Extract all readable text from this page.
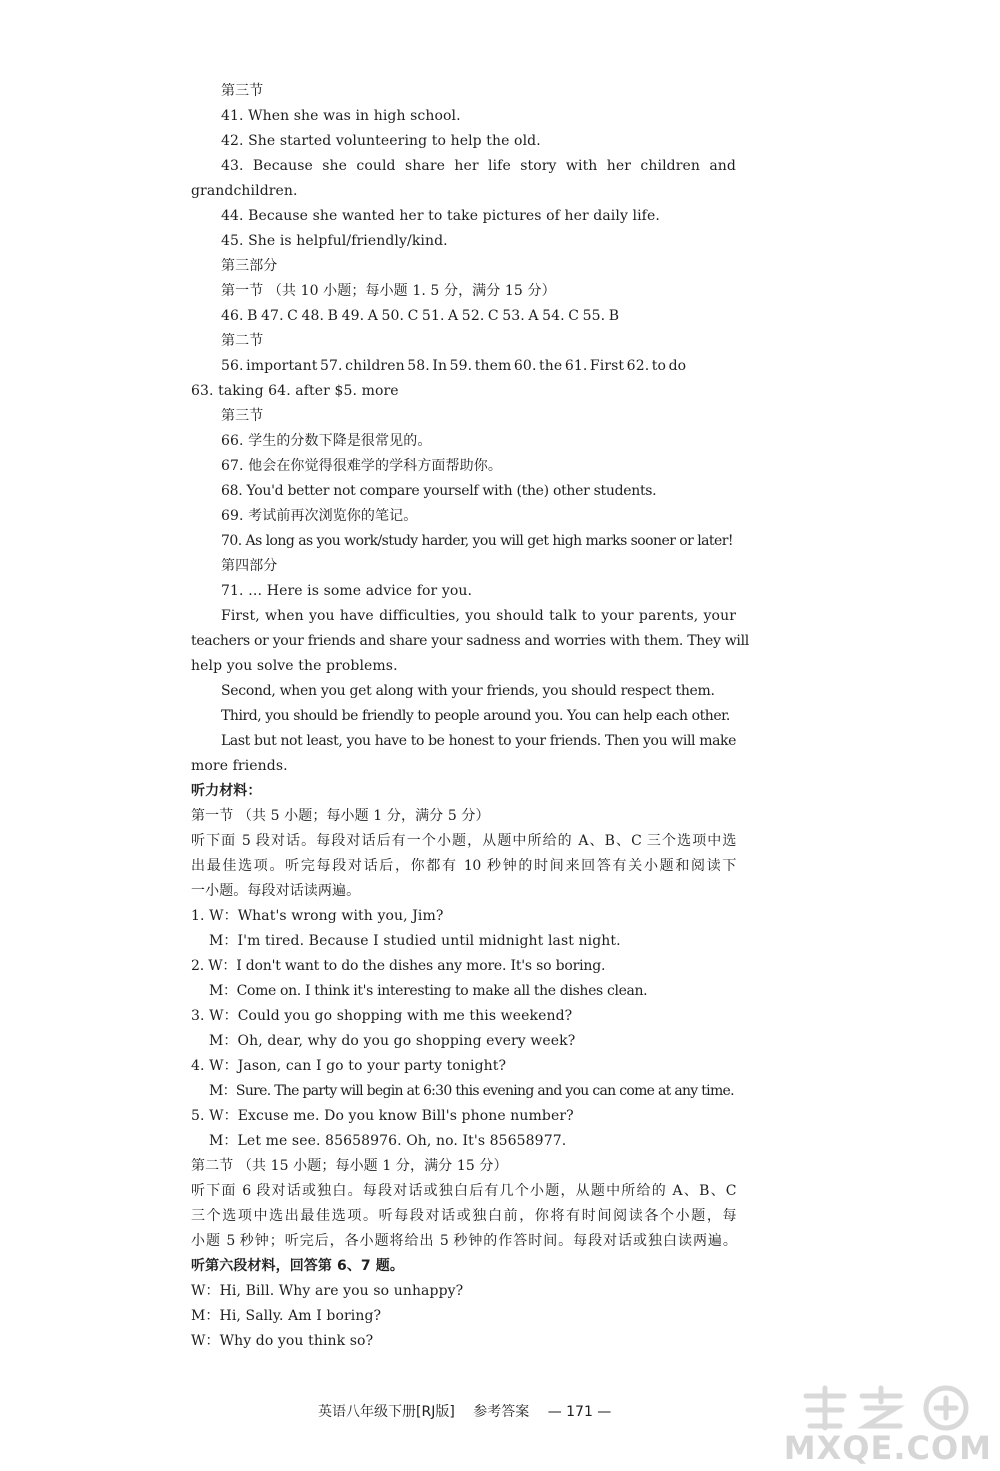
第三节
41. When she was in high school.
42. She started volunteering to help the old.
43. Because she could share her life story with her children and
grandchildren.
44. Because she wanted her to take pictures of her daily life.
45. She is helpful/friendly/kind.
第三部分
第一节 （共 10 小题；每小题 1. 5 分，满分 15 分）
46. B 47. C 48. B 49. A 50. C 51. A 52. C 53. A 54. C 55. B
第二节
56. important 57. children 58. In 59. them 60. the 61. First 62. to do
63. taking 64. after $5. more
第三节
66. 学生的分数下降是很常见的。
67. 他会在你觉得很难学的学科方面帮助你。
68. You'd better not compare yourself with (the) other students.
69. 考试前再次浏览你的笔记。
70. As long as you work/study harder, you will get high marks sooner or later!
第四部分
71. … Here is some advice for you.
First, when you have difficulties, you should talk to your parents, your
teachers or your friends and share your sadness and worries with them. They will
help you solve the problems.
Second, when you get along with your friends, you should respect them.
Third, you should be friendly to people around you. You can help each other.
Last but not least, you have to be honest to your friends. Then you will make
more friends.
听力材料：
第一节 （共 5 小题；每小题 1 分，满分 5 分）
听下面 5 段对话。每段对话后有一个小题，从题中所给的 A、B、C 三个选项中选
出最佳选项。听完每段对话后，你都有 10 秒钟的时间来回答有关小题和阅读下
一小题。每段对话读两遍。
1. W：What's wrong with you, Jim?
M：I'm tired. Because I studied until midnight last night.
2. W：I don't want to do the dishes any more. It's so boring.
M：Come on. I think it's interesting to make all the dishes clean.
3. W：Could you go shopping with me this weekend?
M：Oh, dear, why do you go shopping every week?
4. W：Jason, can I go to your party tonight?
M：Sure. The party will begin at 6:30 this evening and you can come at any time.
5. W：Excuse me. Do you know Bill's phone number?
M：Let me see. 85658976. Oh, no. It's 85658977.
第二节 （共 15 小题；每小题 1 分，满分 15 分）
听下面 6 段对话或独白。每段对话或独白后有几个小题，从题中所给的 A、B、C
三个选项中选出最佳选项。听每段对话或独白前，你将有时间阅读各个小题，每
小题 5 秒钟；听完后，各小题将给出 5 秒钟的作答时间。每段对话或独白读两遍。
听第六段材料，回答第 6、7 题。
W：Hi, Bill. Why are you so unhappy?
M：Hi, Sally. Am I boring?
W：Why do you think so?
英语八年级下册[RJ版] 参考答案 — 171 —
MXQE.COM
